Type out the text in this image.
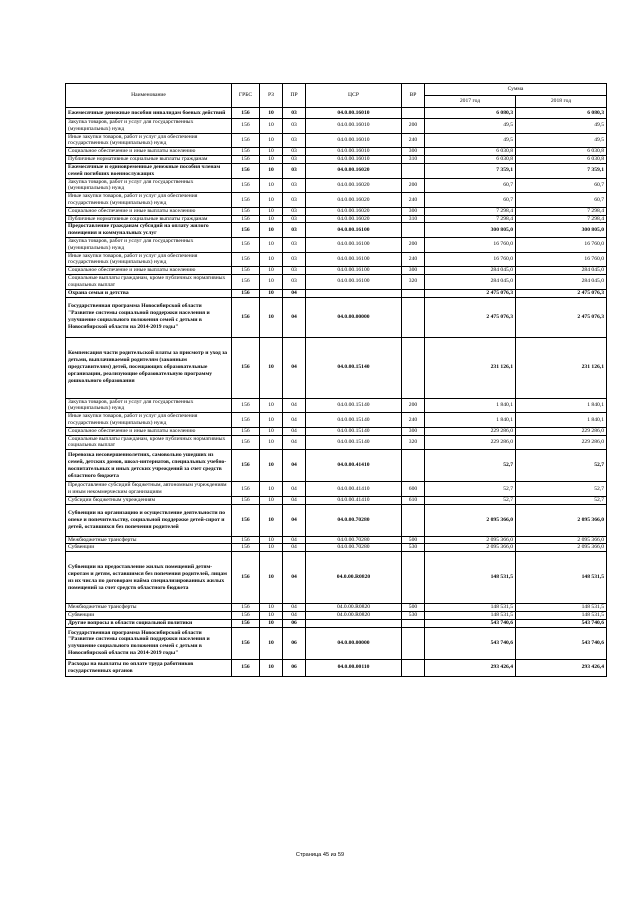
Наименование	ГРБС	РЗ	ПР	ЦСР	ВР	Сумма	
						2017 год	2018 год
Ежемесячные денежные пособия инвалидам боевых действий	156	10	03	04.0.00.16010		6 080,3	6 080,3
Закупка товаров, работ и услуг для государственных (муниципальных) нужд	156	10	03	04.0.00.16010	200	49,5	49,5
Иные закупки товаров, работ и услуг для обеспечения государственных (муниципальных) нужд	156	10	03	04.0.00.16010	240	49,5	49,5
Социальное обеспечение и иные выплаты населению	156	10	03	04.0.00.16010	300	6 030,8	6 030,8
Публичные нормативные социальные выплаты гражданам	156	10	03	04.0.00.16010	310	6 030,8	6 030,8
Ежемесячные и единовременные денежные пособия членам семей погибших военнослужащих	156	10	03	04.0.00.16020		7 359,1	7 359,1
Закупка товаров, работ и услуг для государственных (муниципальных) нужд	156	10	03	04.0.00.16020	200	60,7	60,7
Иные закупки товаров, работ и услуг для обеспечения государственных (муниципальных) нужд	156	10	03	04.0.00.16020	240	60,7	60,7
Социальное обеспечение и иные выплаты населению	156	10	03	04.0.00.16020	300	7 298,4	7 298,4
Публичные нормативные социальные выплаты гражданам	156	10	03	04.0.00.16020	310	7 298,4	7 298,4
Предоставление гражданам субсидий на оплату жилого помещения и коммунальных услуг	156	10	03	04.0.00.16100		300 805,0	300 805,0
Закупка товаров, работ и услуг для государственных (муниципальных) нужд	156	10	03	04.0.00.16100	200	16 760,0	16 760,0
Иные закупки товаров, работ и услуг для обеспечения государственных (муниципальных) нужд	156	10	03	04.0.00.16100	240	16 760,0	16 760,0
Социальное обеспечение и иные выплаты населению	156	10	03	04.0.00.16100	300	284 045,0	284 045,0
Социальные выплаты гражданам, кроме публичных нормативных социальных выплат	156	10	03	04.0.00.16100	320	284 045,0	284 045,0
Охрана семьи и детства	156	10	04			2 475 076,3	2 475 076,3
Государственная программа Новосибирской области "Развитие системы социальной поддержки населения и улучшение социального положения семей с детьми в Новосибирской области на 2014-2019 годы"	156	10	04	04.0.00.00000		2 475 076,3	2 475 076,3
Компенсация части родительской платы за присмотр и уход за детьми, выплачиваемой родителям (законным представителям) детей, посещающих образовательные организации, реализующие образовательную программу дошкольного образования	156	10	04	04.0.00.15140		231 126,1	231 126,1
Закупка товаров, работ и услуг для государственных (муниципальных) нужд	156	10	04	04.0.00.15140	200	1 840,1	1 840,1
Иные закупки товаров, работ и услуг для обеспечения государственных (муниципальных) нужд	156	10	04	04.0.00.15140	240	1 840,1	1 840,1
Социальное обеспечение и иные выплаты населению	156	10	04	04.0.00.15140	300	229 286,0	229 286,0
Социальные выплаты гражданам, кроме публичных нормативных социальных выплат	156	10	04	04.0.00.15140	320	229 286,0	229 286,0
Перевозка несовершеннолетних, самовольно ушедших из семей, детских домов, школ-интернатов, специальных учебно-воспитательных и иных детских учреждений за счет средств областного бюджета	156	10	04	04.0.00.41410		52,7	52,7
Предоставление субсидий бюджетным, автономным учреждениям и иным некоммерческим организациям	156	10	04	04.0.00.41410	600	52,7	52,7
Субсидии бюджетным учреждениям	156	10	04	04.0.00.41410	610	52,7	52,7
Субвенции на организацию и осуществление деятельности по опеке и попечительству, социальной поддержке детей-сирот и детей, оставшихся без попечения родителей	156	10	04	04.0.00.70280		2 095 366,0	2 095 366,0
Межбюджетные трансферты	156	10	04	04.0.00.70280	500	2 095 366,0	2 095 366,0
Субвенции	156	10	04	04.0.00.70280	530	2 095 366,0	2 095 366,0
Субвенции на предоставление жилых помещений детям-сиротам и детям, оставшимся без попечения родителей, лицам из их числа по договорам найма специализированных жилых помещений за счет средств областного бюджета	156	10	04	04.0.00.R0820		148 531,5	148 531,5
Межбюджетные трансферты	156	10	04	04.0.00.R0820	500	148 531,5	148 531,5
Субвенции	156	10	04	04.0.00.R0820	530	148 531,5	148 531,5
Другие вопросы в области социальной политики	156	10	06			543 740,6	543 740,6
Государственная программа Новосибирской области "Развитие системы социальной поддержки населения и улучшение социального положения семей с детьми в Новосибирской области на 2014-2019 годы"	156	10	06	04.0.00.00000		543 740,6	543 740,6
Расходы на выплаты по оплате труда работников государственных органов	156	10	06	04.0.00.00110		293 426,4	293 426,4
Страница 45 из 59
